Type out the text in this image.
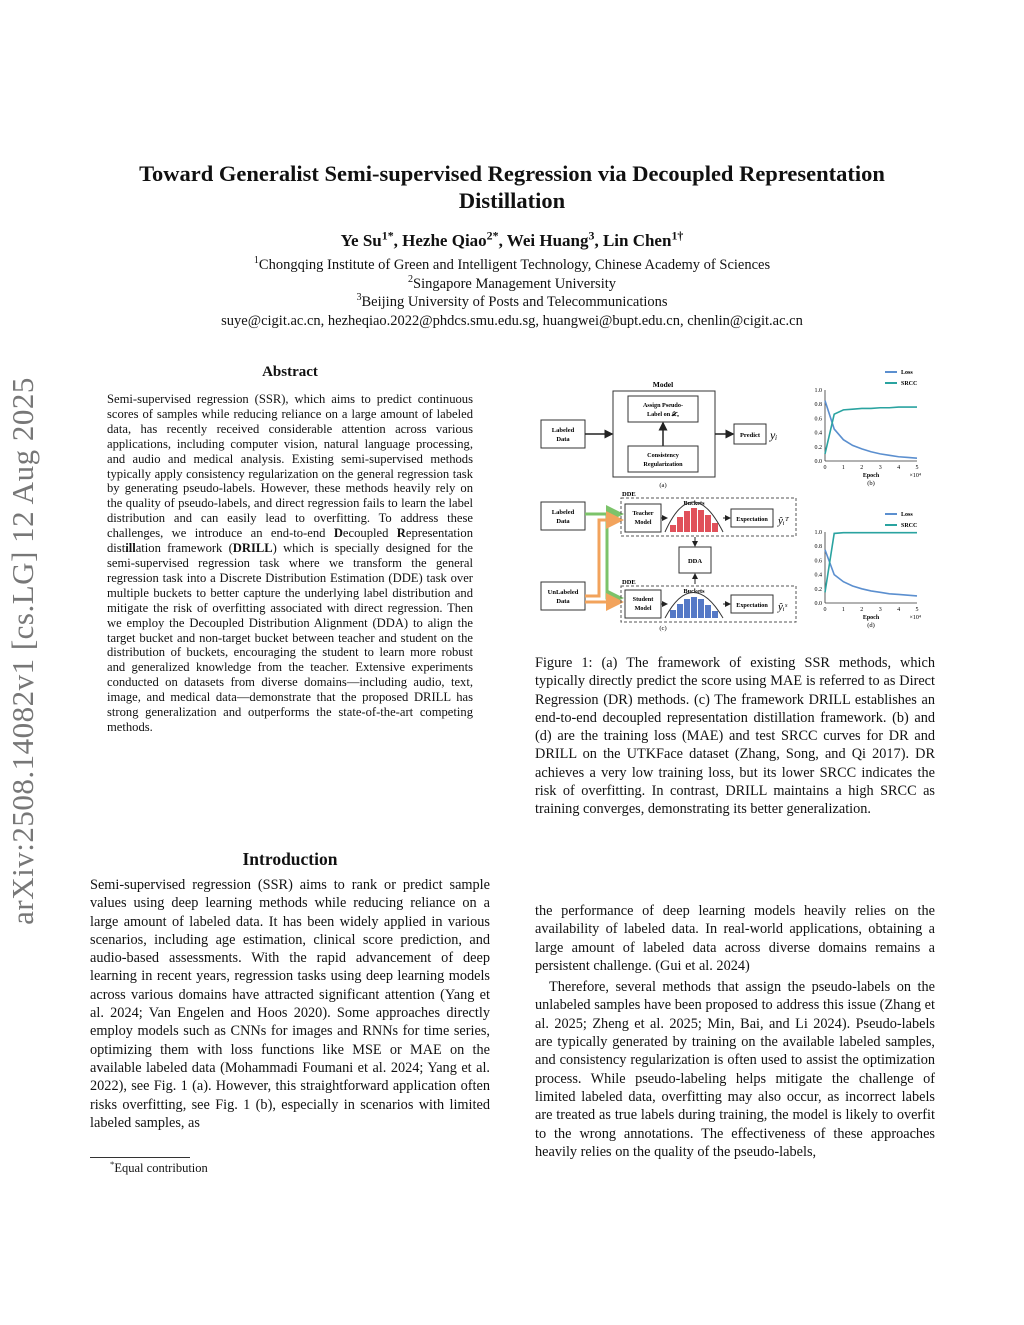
arXiv:2508.14082v1 [cs.LG] 12 Aug 2025
Toward Generalist Semi-supervised Regression via Decoupled Representation Distillation
Ye $Su^{1*}$, Hezhe Qiao$^{2*}$, Wei Huang$^3$, Lin Chen$^{1\dagger}$
$^1$Chongqing Institute of Green and Intelligent Technology, Chinese Academy of Sciences
$^2$Singapore Management University
$^3$Beijing University of Posts and Telecommunications
suye@cigit.ac.cn, hezheqiao.2022@phdcs.smu.edu.sg, huangwei@bupt.edu.cn, chenlin@cigit.ac.cn
Abstract
Semi-supervised regression (SSR), which aims to predict continuous scores of samples while reducing reliance on a large amount of labeled data, has recently received considerable attention across various applications, including computer vision, natural language processing, and audio and medical analysis. Existing semi-supervised methods typically apply consistency regularization on the general regression task by generating pseudo-labels. However, these methods heavily rely on the quality of pseudo-labels, and direct regression fails to learn the label distribution and can easily lead to overfitting. To address these challenges, we introduce an end-to-end Decoupled Representation distillation framework (DRILL) which is specially designed for the semi-supervised regression task where we transform the general regression task into a Discrete Distribution Estimation (DDE) task over multiple buckets to better capture the underlying label distribution and mitigate the risk of overfitting associated with direct regression. Then we employ the Decoupled Distribution Alignment (DDA) to align the target bucket and non-target bucket between teacher and student on the distribution of buckets, encouraging the student to learn more robust and generalized knowledge from the teacher. Extensive experiments conducted on datasets from diverse domains—including audio, text, image, and medical data—demonstrate that the proposed DRILL has strong generalization and outperforms the state-of-the-art competing methods.
Introduction
Semi-supervised regression (SSR) aims to rank or predict sample values using deep learning methods while reducing reliance on a large amount of labeled data. It has been widely applied in various scenarios, including age estimation, clinical score prediction, and audio-based assessments. With the rapid advancement of deep learning in recent years, regression tasks using deep learning models across various domains have attracted significant attention (Yang et al. 2024; Van Engelen and Hoos 2020). Some approaches directly employ models such as CNNs for images and RNNs for time series, optimizing them with loss functions like MSE or MAE on the available labeled data (Mohammadi Foumani et al. 2024; Yang et al. 2022), see Fig. 1 (a). However, this straightforward application often risks overfitting, see Fig. 1 (b), especially in scenarios with limited labeled samples, as
*Equal contribution
Model
Labeled
Data
Assign Pseudo-
Label on 𝒳ᵤ
Consistency
Regularization
Predict yᵢ
(a)
Labeled
Data
UnLabeled
Data
DDE
Teacher
Model
Buckets
Expectation ŷᵢᵀ
DDA
DDE
Student
Model
Buckets
Expectation ŷᵢˢ
(c)
0.0
0.2
0.4
0.6
0.8
1.0
0	1	2	3	4	5
Epoch	×10⁴
(b)
Loss
SRCC
0.0
0.2
0.4
0.6
0.8
1.0
0	1	2	3	4	5
Epoch	×10⁴
(d)
Loss
SRCC
Figure 1: (a) The framework of existing SSR methods, which typically directly predict the score using MAE is referred to as Direct Regression (DR) methods. (c) The framework DRILL establishes an end-to-end decoupled representation distillation framework. (b) and (d) are the training loss (MAE) and test SRCC curves for DR and DRILL on the UTKFace dataset (Zhang, Song, and Qi 2017). DR achieves a very low training loss, but its lower SRCC indicates the risk of overfitting. In contrast, DRILL maintains a high SRCC as training converges, demonstrating its better generalization.

the performance of deep learning models heavily relies on the availability of labeled data. In real-world applications, obtaining a large amount of labeled data across diverse domains remains a persistent challenge. (Gui et al. 2024)

Therefore, several methods that assign the pseudo-labels on the unlabeled samples have been proposed to address this issue (Zhang et al. 2025; Zheng et al. 2025; Min, Bai, and Li 2024). Pseudo-labels are typically generated by training on the available labeled samples, and consistency regularization is often used to assist the optimization process. While pseudo-labeling helps mitigate the challenge of limited labeled data, overfitting may also occur, as incorrect labels are treated as true labels during training, the model is likely to overfit to the wrong annotations. The effectiveness of these approaches heavily relies on the quality of the pseudo-labels,
